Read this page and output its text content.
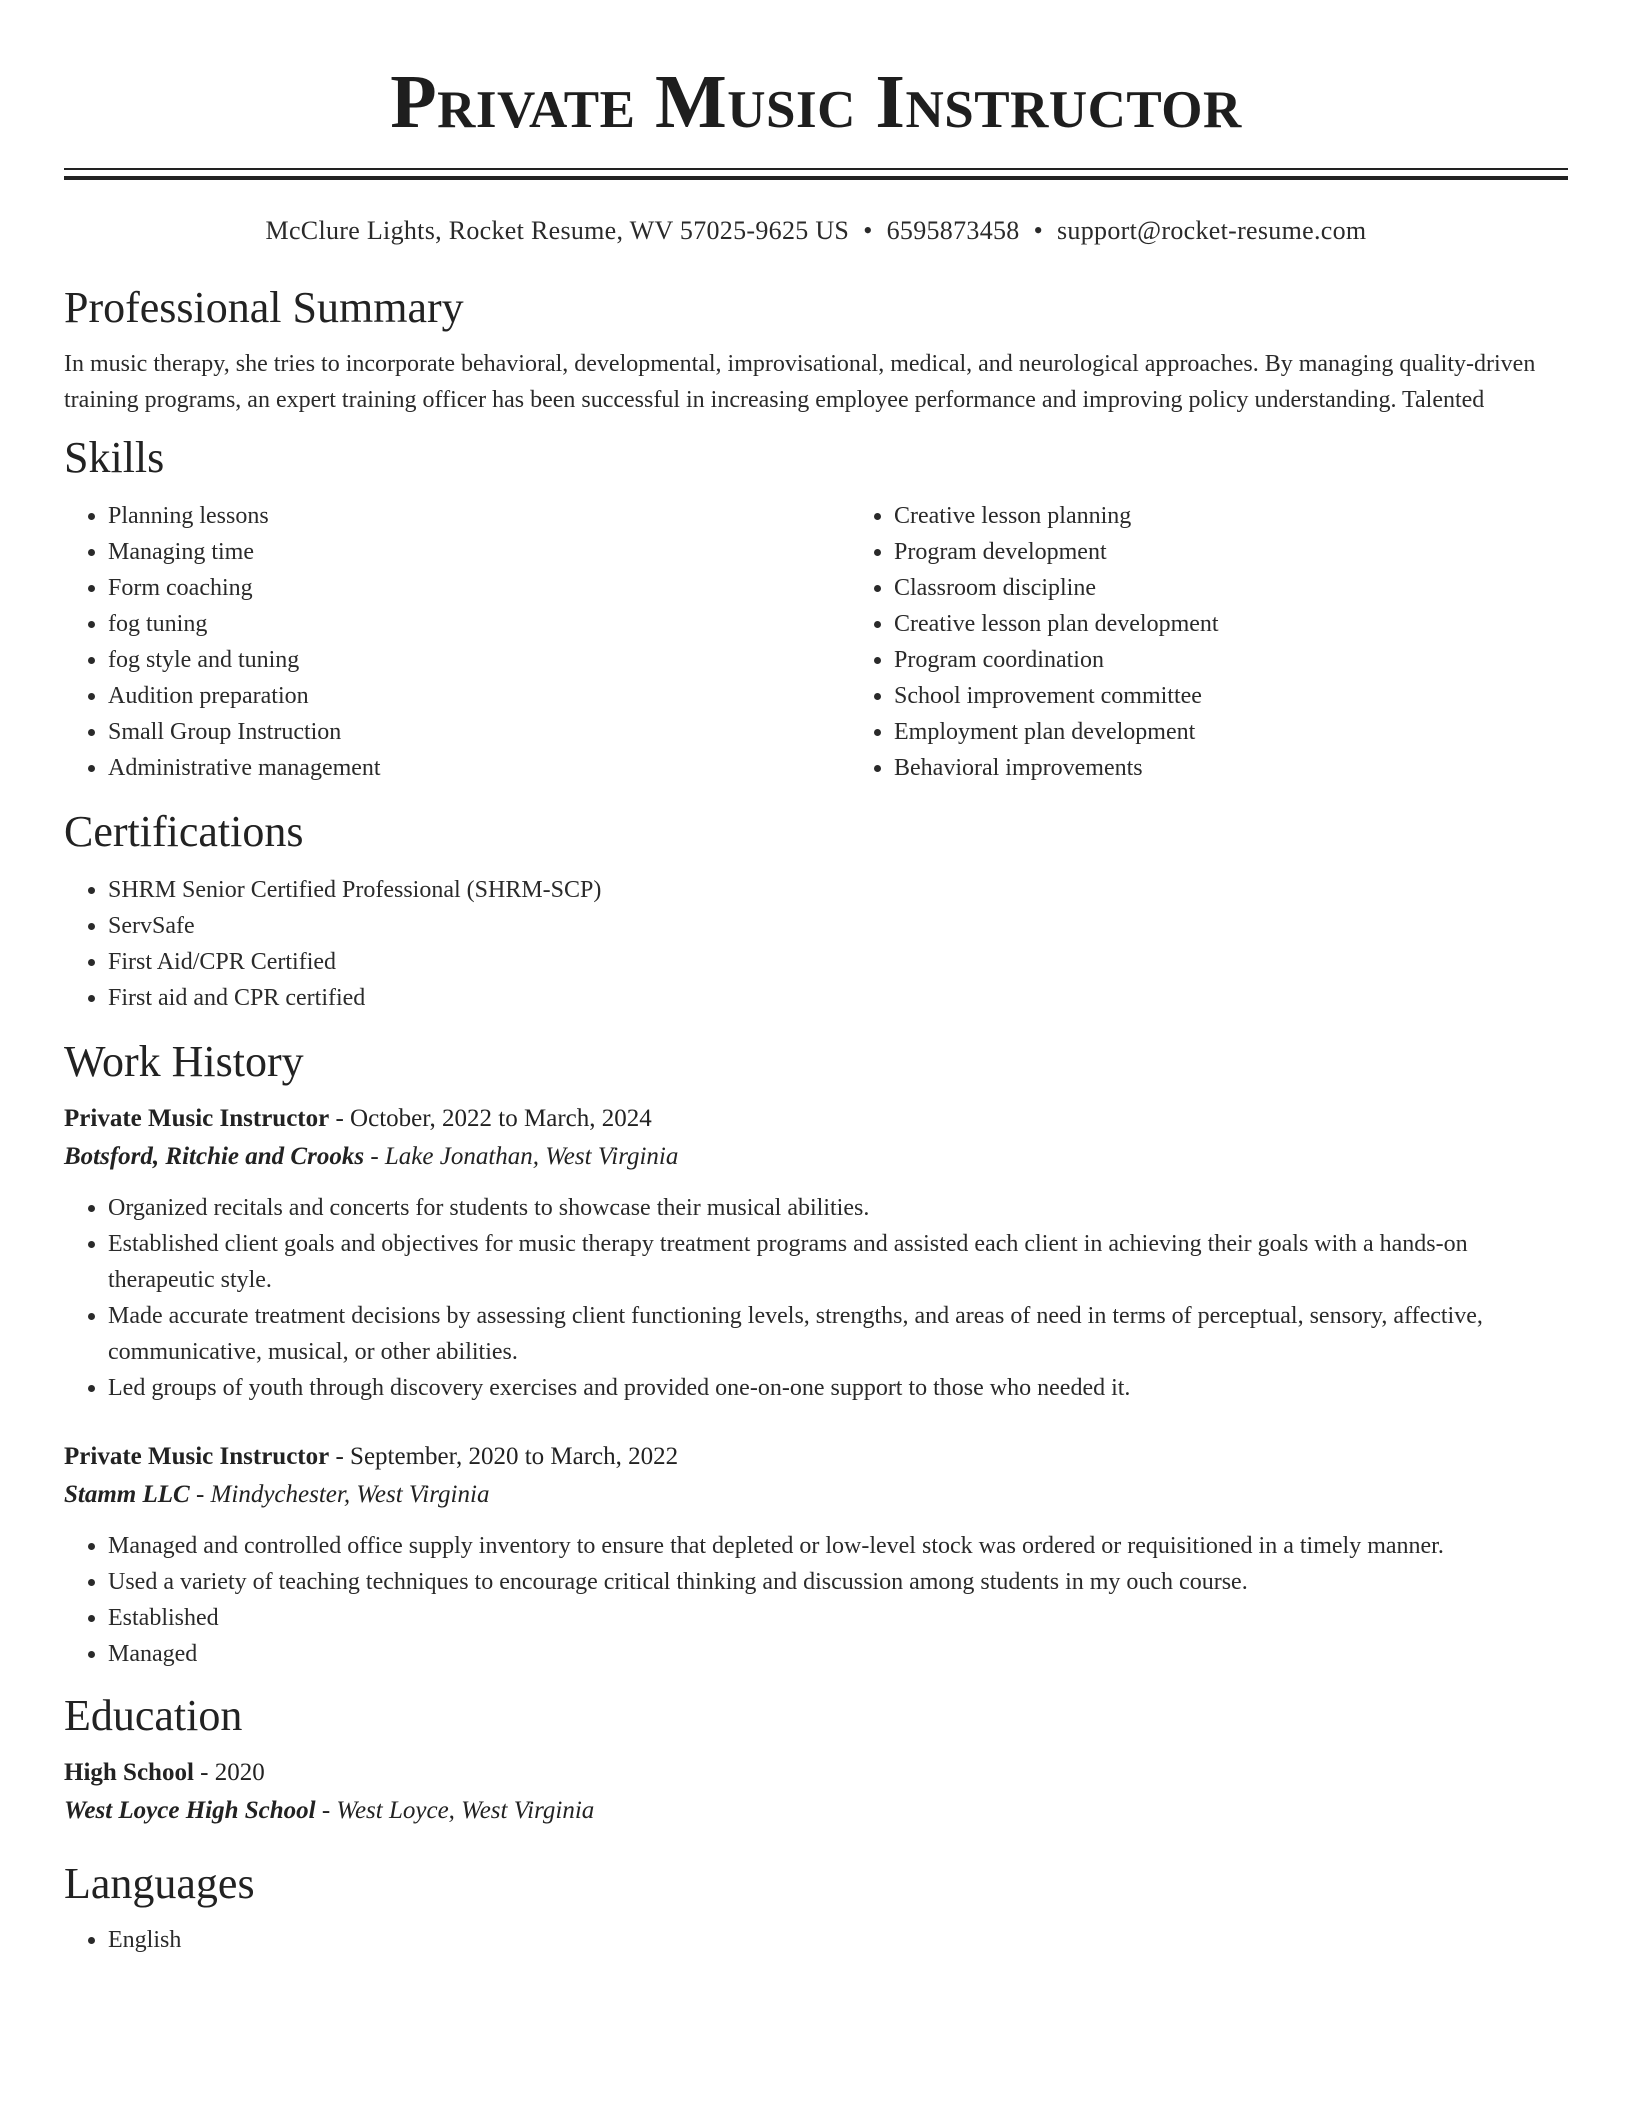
Private Music Instructor
McClure Lights, Rocket Resume, WV 57025-9625 US • 6595873458 • support@rocket-resume.com
Professional Summary

In music therapy, she tries to incorporate behavioral, developmental, improvisational, medical, and neurological approaches. By managing quality-driven training programs, an expert training officer has been successful in increasing employee performance and improving policy understanding. Talented

Skills
• Planning lessons
• Managing time
• Form coaching
• fog tuning
• fog style and tuning
• Audition preparation
• Small Group Instruction
• Administrative management
• Creative lesson planning
• Program development
• Classroom discipline
• Creative lesson plan development
• Program coordination
• School improvement committee
• Employment plan development
• Behavioral improvements
Certifications
• SHRM Senior Certified Professional (SHRM-SCP)
• ServSafe
• First Aid/CPR Certified
• First aid and CPR certified
Work History
Private Music Instructor - October, 2022 to March, 2024
Botsford, Ritchie and Crooks - Lake Jonathan, West Virginia
• Organized recitals and concerts for students to showcase their musical abilities.
• Established client goals and objectives for music therapy treatment programs and assisted each client in achieving their goals with a hands-on therapeutic style.
• Made accurate treatment decisions by assessing client functioning levels, strengths, and areas of need in terms of perceptual, sensory, affective, communicative, musical, or other abilities.
• Led groups of youth through discovery exercises and provided one-on-one support to those who needed it.
Private Music Instructor - September, 2020 to March, 2022
Stamm LLC - Mindychester, West Virginia
• Managed and controlled office supply inventory to ensure that depleted or low-level stock was ordered or requisitioned in a timely manner.
• Used a variety of teaching techniques to encourage critical thinking and discussion among students in my ouch course.
• Established
• Managed
Education
High School - 2020
West Loyce High School - West Loyce, West Virginia
Languages
• English
